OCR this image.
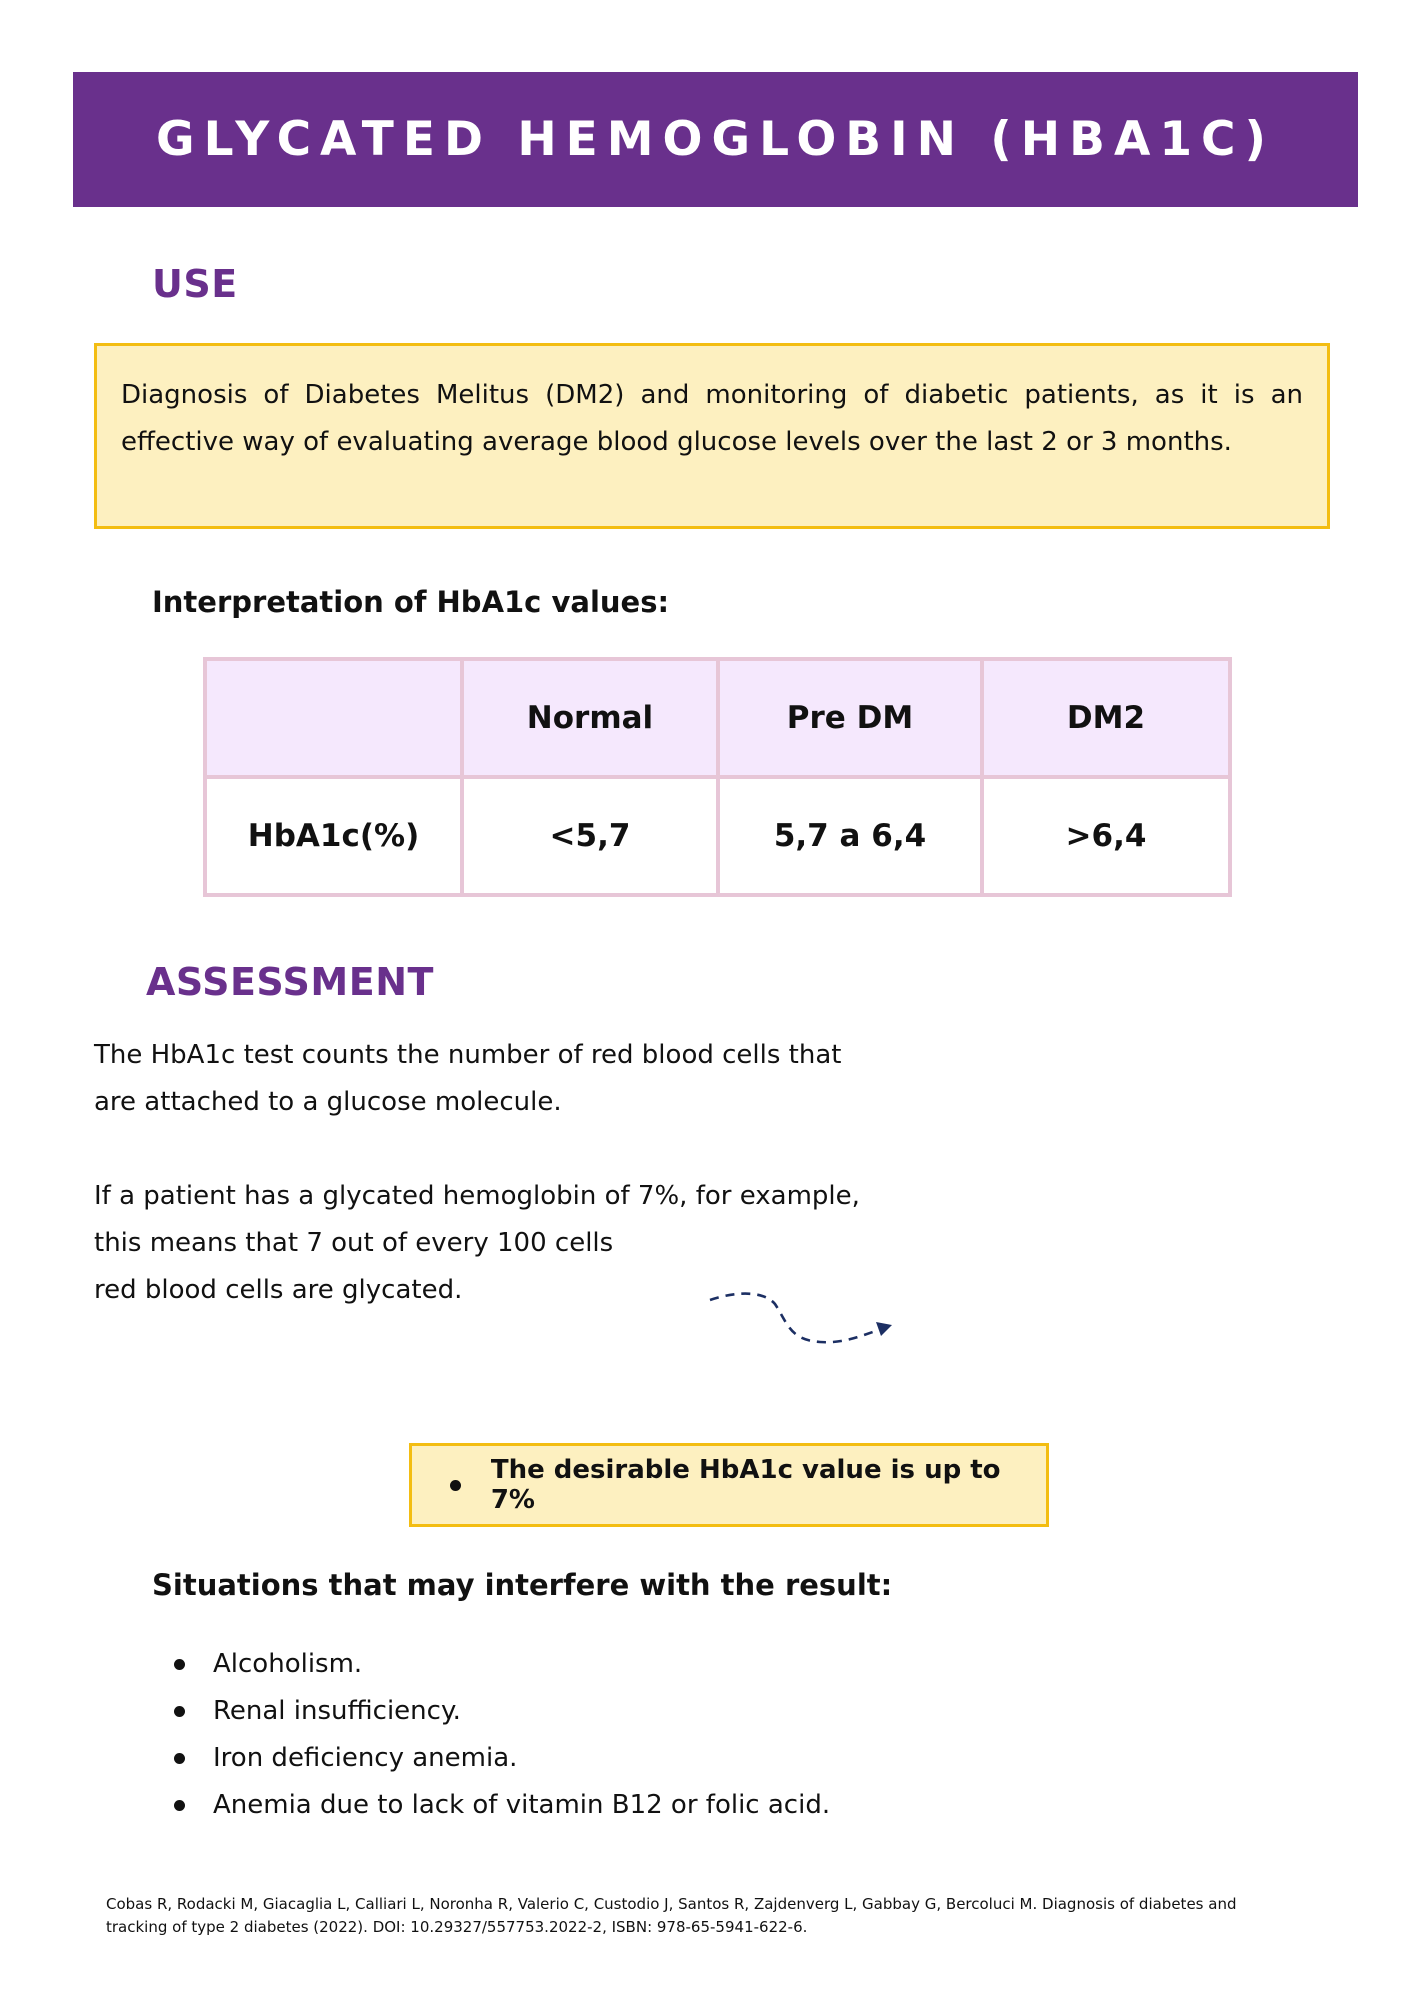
GLYCATED HEMOGLOBIN (HBA1C)
USE
Diagnosis of Diabetes Melitus (DM2) and monitoring of diabetic patients, as it is an effective way of evaluating average blood glucose levels over the last 2 or 3 months.
Interpretation of HbA1c values:
	Normal	Pre DM	DM2
HbA1c(%)	<5,7	5,7 a 6,4	>6,4
ASSESSMENT

The HbA1c test counts the number of red blood cells that
are attached to a glucose molecule.

If a patient has a glycated hemoglobin of 7%, for example,
this means that 7 out of every 100 cells
red blood cells are glycated.

The desirable HbA1c value is up to 7%
Situations that may interfere with the result:
Alcoholism.
Renal insufficiency.
Iron deficiency anemia.
Anemia due to lack of vitamin B12 or folic acid.

Cobas R, Rodacki M, Giacaglia L, Calliari L, Noronha R, Valerio C, Custodio J, Santos R, Zajdenverg L, Gabbay G, Bercoluci M. Diagnosis of diabetes and
tracking of type 2 diabetes (2022). DOI: 10.29327/557753.2022-2, ISBN: 978-65-5941-622-6.
